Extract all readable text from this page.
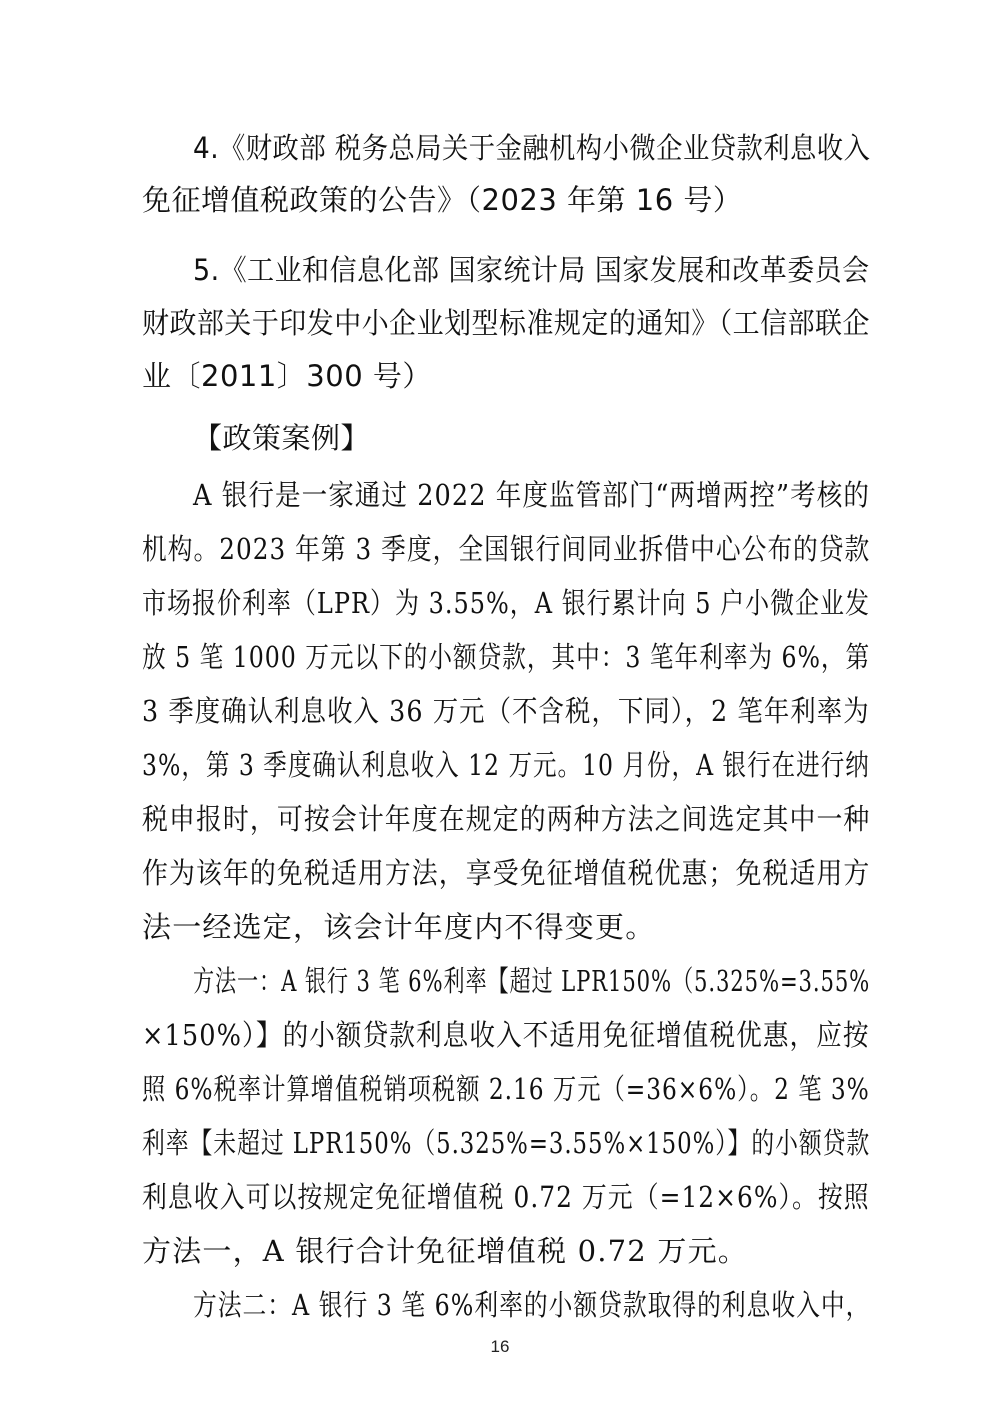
4.《财政部 税务总局关于金融机构小微企业贷款利息收入
免征增值税政策的公告》（2023 年第 16 号）
5.《工业和信息化部 国家统计局 国家发展和改革委员会
财政部关于印发中小企业划型标准规定的通知》（工信部联企
业〔2011〕300 号）
【政策案例】
A 银行是一家通过 2022 年度监管部门“两增两控”考核的
机构。2023 年第 3 季度，全国银行间同业拆借中心公布的贷款
市场报价利率（LPR）为 3.55%，A 银行累计向 5 户小微企业发
放 5 笔 1000 万元以下的小额贷款，其中：3 笔年利率为 6%，第
3 季度确认利息收入 36 万元（不含税，下同），2 笔年利率为
3%，第 3 季度确认利息收入 12 万元。10 月份，A 银行在进行纳
税申报时，可按会计年度在规定的两种方法之间选定其中一种
作为该年的免税适用方法，享受免征增值税优惠；免税适用方
法一经选定，该会计年度内不得变更。
方法一：A 银行 3 笔 6%利率【超过 LPR150%（5.325%=3.55%
×150%）】的小额贷款利息收入不适用免征增值税优惠，应按
照 6%税率计算增值税销项税额 2.16 万元（=36×6%）。2 笔 3%
利率【未超过 LPR150%（5.325%=3.55%×150%）】的小额贷款
利息收入可以按规定免征增值税 0.72 万元（=12×6%）。按照
方法一，A 银行合计免征增值税 0.72 万元。
方法二：A 银行 3 笔 6%利率的小额贷款取得的利息收入中，
16
